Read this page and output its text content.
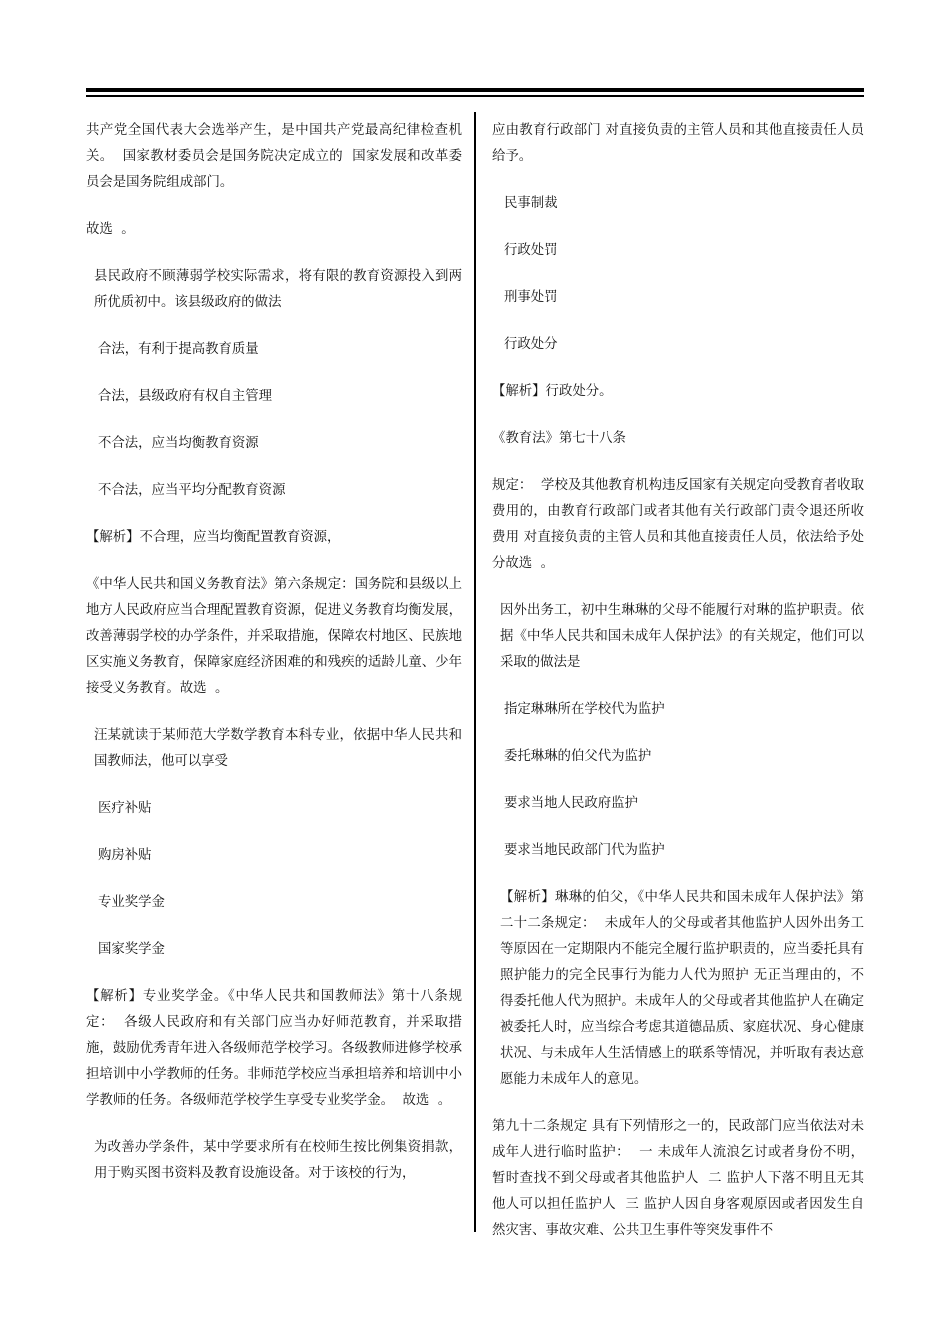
共产党全国代表大会选举产生，是中国共产党最高纪律检查机关。  国家教材委员会是国务院决定成立的  国家发展和改革委员会是国务院组成部门。

故选  。

县民政府不顾薄弱学校实际需求，将有限的教育资源投入到两所优质初中。该县级政府的做法

合法，有利于提高教育质量

合法，县级政府有权自主管理

不合法，应当均衡教育资源

不合法，应当平均分配教育资源

【解析】不合理，应当均衡配置教育资源，

《中华人民共和国义务教育法》第六条规定：国务院和县级以上地方人民政府应当合理配置教育资源，促进义务教育均衡发展，改善薄弱学校的办学条件，并采取措施，保障农村地区、民族地区实施义务教育，保障家庭经济困难的和残疾的适龄儿童、少年接受义务教育。故选  。

汪某就读于某师范大学数学教育本科专业，依据中华人民共和国教师法，他可以享受

医疗补贴

购房补贴

专业奖学金

国家奖学金

【解析】专业奖学金。《中华人民共和国教师法》第十八条规定：  各级人民政府和有关部门应当办好师范教育，并采取措施，鼓励优秀青年进入各级师范学校学习。各级教师进修学校承担培训中小学教师的任务。非师范学校应当承担培养和培训中小学教师的任务。各级师范学校学生享受专业奖学金。  故选  。

为改善办学条件，某中学要求所有在校师生按比例集资捐款，用于购买图书资料及教育设施设备。对于该校的行为，

应由教育行政部门 对直接负责的主管人员和其他直接责任人员给予。

民事制裁

行政处罚

刑事处罚

行政处分

【解析】行政处分。

《教育法》第七十八条

规定：  学校及其他教育机构违反国家有关规定向受教育者收取费用的，由教育行政部门或者其他有关行政部门责令退还所收费用 对直接负责的主管人员和其他直接责任人员，依法给予处分故选  。

因外出务工，初中生琳琳的父母不能履行对琳的监护职责。依据《中华人民共和国未成年人保护法》的有关规定，他们可以采取的做法是

指定琳琳所在学校代为监护

委托琳琳的伯父代为监护

要求当地人民政府监护

要求当地民政部门代为监护

【解析】琳琳的伯父，《中华人民共和国未成年人保护法》第二十二条规定：  未成年人的父母或者其他监护人因外出务工等原因在一定期限内不能完全履行监护职责的，应当委托具有照护能力的完全民事行为能力人代为照护 无正当理由的，不得委托他人代为照护。未成年人的父母或者其他监护人在确定被委托人时，应当综合考虑其道德品质、家庭状况、身心健康状况、与未成年人生活情感上的联系等情况，并听取有表达意愿能力未成年人的意见。

第九十二条规定 具有下列情形之一的，民政部门应当依法对未成年人进行临时监护：  一 未成年人流浪乞讨或者身份不明，暂时查找不到父母或者其他监护人  二 监护人下落不明且无其他人可以担任监护人  三 监护人因自身客观原因或者因发生自然灾害、事故灾难、公共卫生事件等突发事件不
